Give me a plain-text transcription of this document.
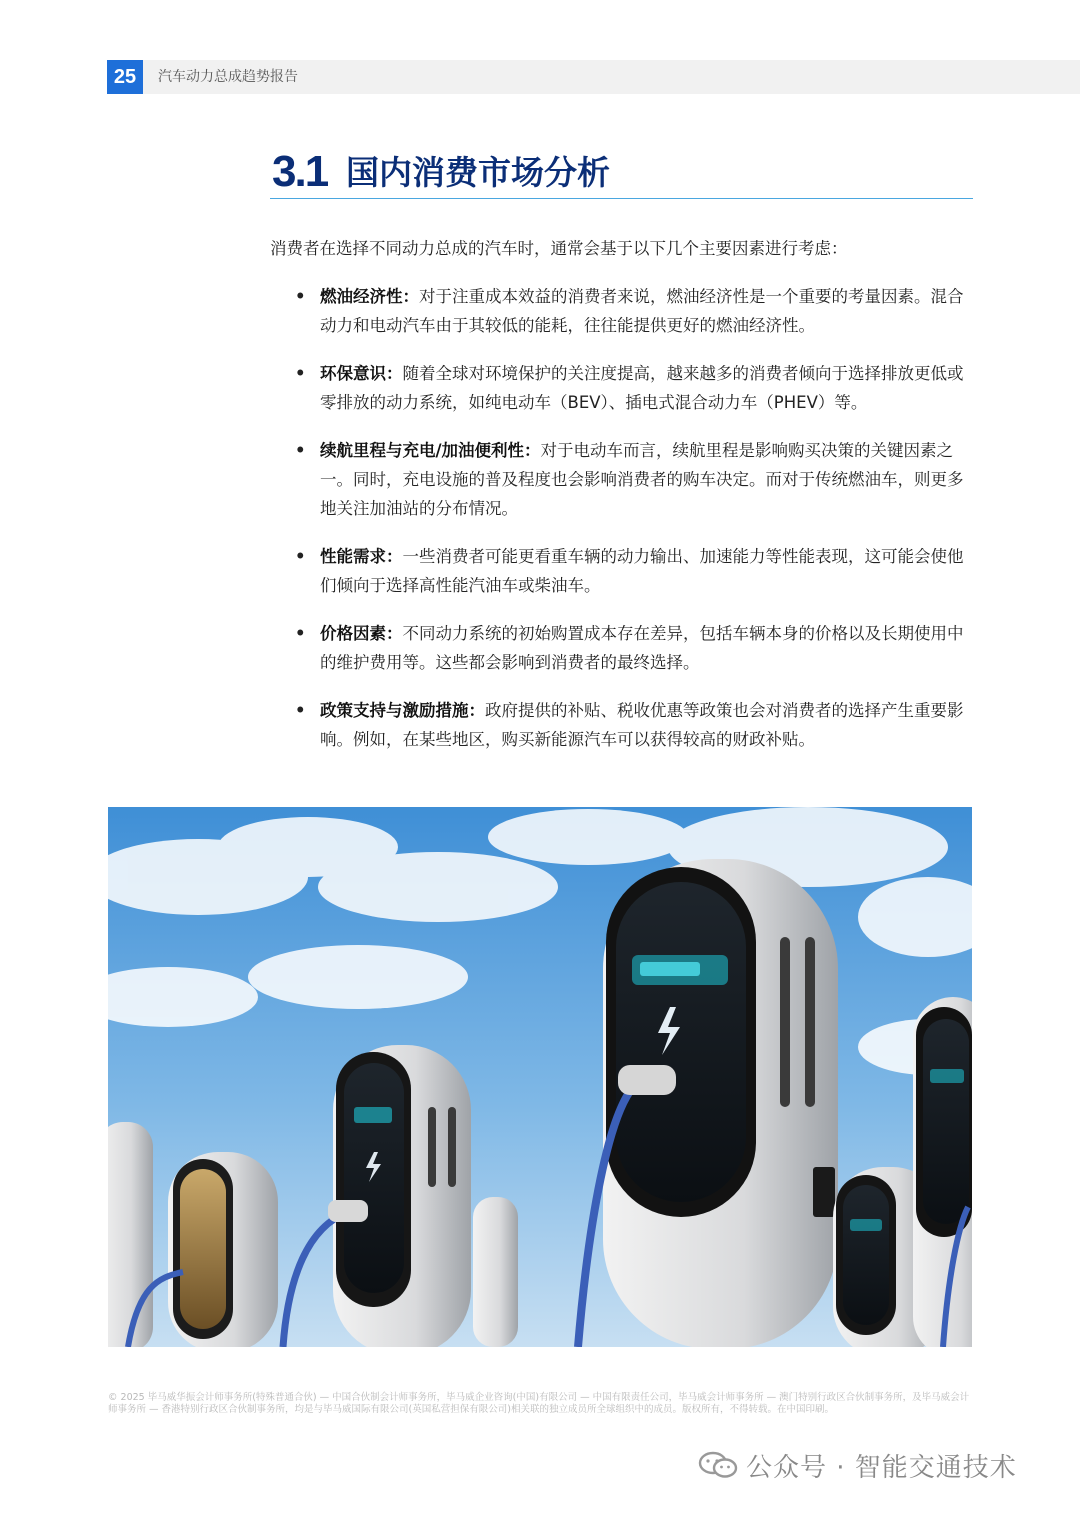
25	汽车动力总成趋势报告
3.1 国内消费市场分析
消费者在选择不同动力总成的汽车时，通常会基于以下几个主要因素进行考虑：
• 燃油经济性：对于注重成本效益的消费者来说，燃油经济性是一个重要的考量因素。混合动力和电动汽车由于其较低的能耗，往往能提供更好的燃油经济性。
• 环保意识：随着全球对环境保护的关注度提高，越来越多的消费者倾向于选择排放更低或零排放的动力系统，如纯电动车（BEV）、插电式混合动力车（PHEV）等。
• 续航里程与充电/加油便利性：对于电动车而言，续航里程是影响购买决策的关键因素之一。同时，充电设施的普及程度也会影响消费者的购车决定。而对于传统燃油车，则更多地关注加油站的分布情况。
• 性能需求：一些消费者可能更看重车辆的动力输出、加速能力等性能表现，这可能会使他们倾向于选择高性能汽油车或柴油车。
• 价格因素：不同动力系统的初始购置成本存在差异，包括车辆本身的价格以及长期使用中的维护费用等。这些都会影响到消费者的最终选择。
• 政策支持与激励措施：政府提供的补贴、税收优惠等政策也会对消费者的选择产生重要影响。例如，在某些地区，购买新能源汽车可以获得较高的财政补贴。
© 2025 毕马威华振会计师事务所(特殊普通合伙) — 中国合伙制会计师事务所，毕马威企业咨询(中国)有限公司 — 中国有限责任公司，毕马威会计师事务所 — 澳门特别行政区合伙制事务所，及毕马威会计师事务所 — 香港特别行政区合伙制事务所，均是与毕马威国际有限公司(英国私营担保有限公司)相关联的独立成员所全球组织中的成员。版权所有，不得转载。在中国印刷。
公众号 · 智能交通技术
